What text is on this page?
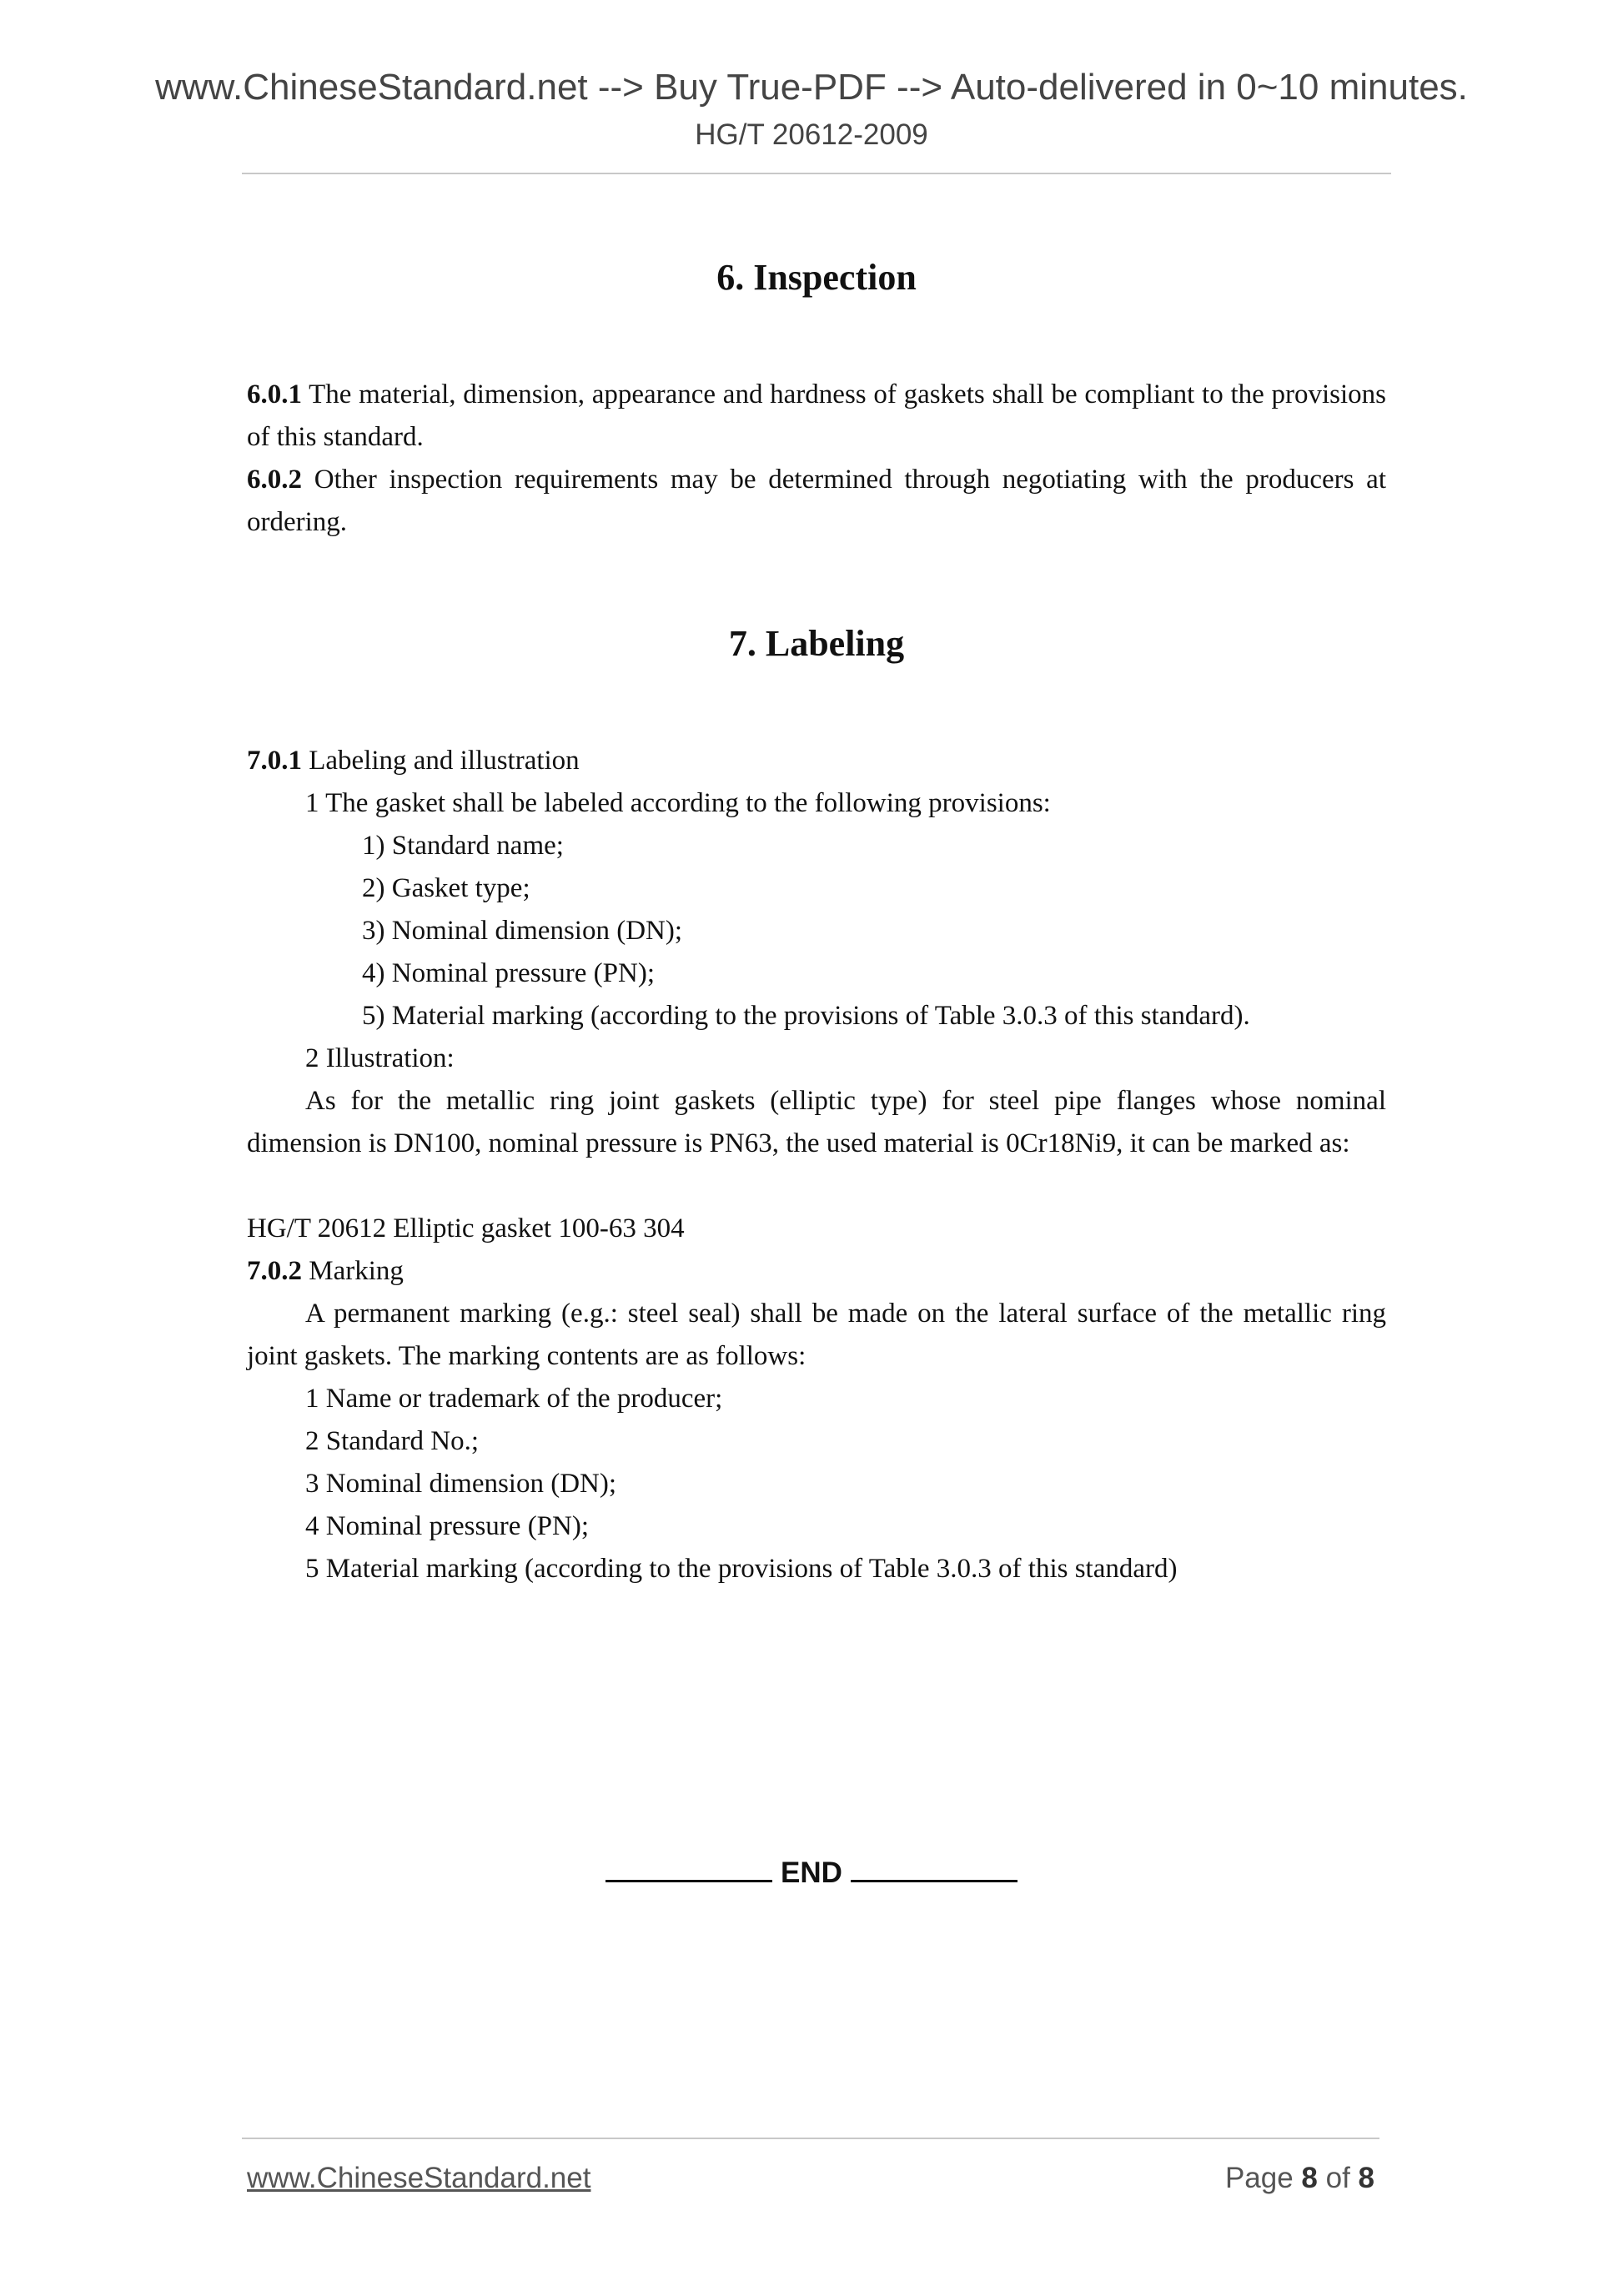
www.ChineseStandard.net --> Buy True-PDF --> Auto-delivered in 0~10 minutes.
HG/T 20612-2009
6. Inspection
6.0.1 The material, dimension, appearance and hardness of gaskets shall be compliant to the provisions of this standard.
6.0.2 Other inspection requirements may be determined through negotiating with the producers at ordering.
7. Labeling
7.0.1 Labeling and illustration
1 The gasket shall be labeled according to the following provisions:
1) Standard name;
2) Gasket type;
3) Nominal dimension (DN);
4) Nominal pressure (PN);
5) Material marking (according to the provisions of Table 3.0.3 of this standard).
2 Illustration:
As for the metallic ring joint gaskets (elliptic type) for steel pipe flanges whose nominal dimension is DN100, nominal pressure is PN63, the used material is 0Cr18Ni9, it can be marked as:
HG/T 20612 Elliptic gasket 100-63 304
7.0.2 Marking
A permanent marking (e.g.: steel seal) shall be made on the lateral surface of the metallic ring joint gaskets. The marking contents are as follows:
1 Name or trademark of the producer;
2 Standard No.;
3 Nominal dimension (DN);
4 Nominal pressure (PN);
5 Material marking (according to the provisions of Table 3.0.3 of this standard)
END
www.ChineseStandard.net	Page 8 of 8
